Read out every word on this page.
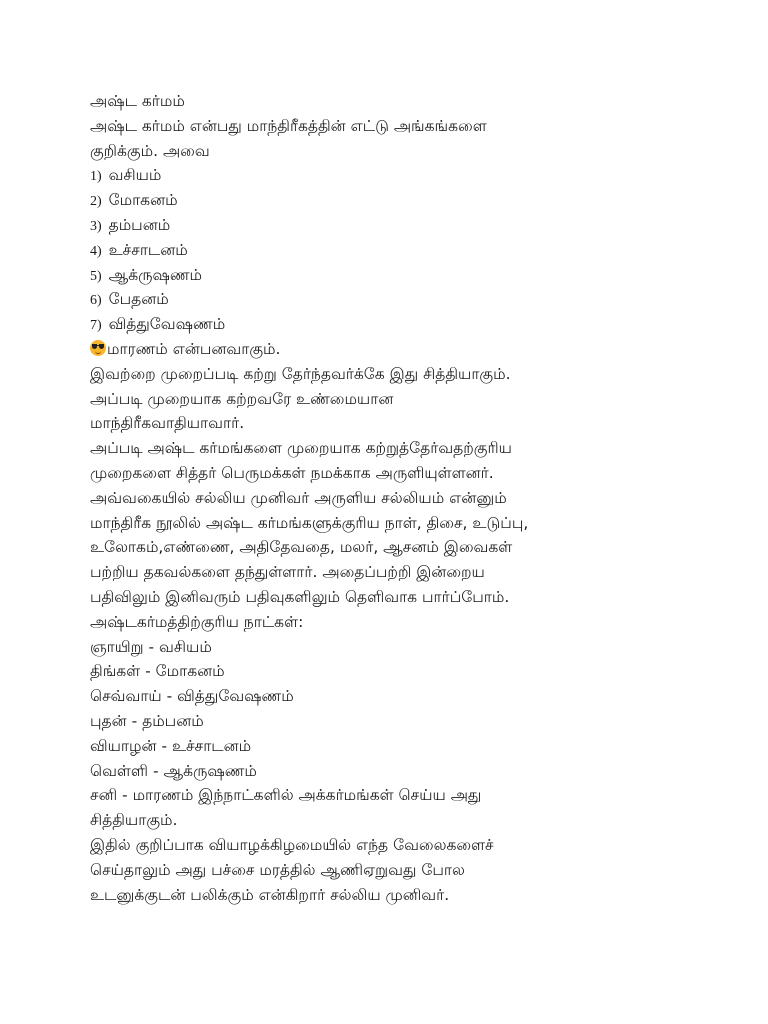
அஷ்ட கர்மம்
அஷ்ட கர்மம் என்பது மாந்திரீகத்தின் எட்டு அங்கங்களை
குறிக்கும். அவை
1) வசியம்
2) மோகனம்
3) தம்பனம்
4) உச்சாடனம்
5) ஆக்ருஷணம்
6) பேதனம்
7) வித்துவேஷணம்
மாரணம் என்பனவாகும்.
இவற்றை முறைப்படி கற்று தேர்ந்தவர்க்கே இது சித்தியாகும்.
அப்படி முறையாக கற்றவரே உண்மையான
மாந்திரீகவாதியாவார்.
அப்படி அஷ்ட கர்மங்களை முறையாக கற்றுத்தேர்வதற்குரிய
முறைகளை சித்தர் பெருமக்கள் நமக்காக அருளியுள்ளனர்.
அவ்வகையில் சல்லிய முனிவர் அருளிய சல்லியம் என்னும்
மாந்திரீக நூலில் அஷ்ட கர்மங்களுக்குரிய நாள், திசை, உடுப்பு,
உலோகம்,எண்ணை, அதிதேவதை, மலர், ஆசனம் இவைகள்
பற்றிய தகவல்களை தந்துள்ளார். அதைப்பற்றி இன்றைய
பதிவிலும் இனிவரும் பதிவுகளிலும் தெளிவாக பார்ப்போம்.
அஷ்டகர்மத்திற்குரிய நாட்கள்:
ஞாயிறு - வசியம்
திங்கள் - மோகனம்
செவ்வாய் - வித்துவேஷணம்
புதன் - தம்பனம்
வியாழன் - உச்சாடனம்
வெள்ளி - ஆக்ருஷணம்
சனி - மாரணம் இந்நாட்களில் அக்கர்மங்கள் செய்ய அது
சித்தியாகும்.
இதில் குறிப்பாக வியாழக்கிழமையில் எந்த வேலைகளைச்
செய்தாலும் அது பச்சை மரத்தில் ஆணிஏறுவது போல
உடனுக்குடன் பலிக்கும் என்கிறார் சல்லிய முனிவர்.
